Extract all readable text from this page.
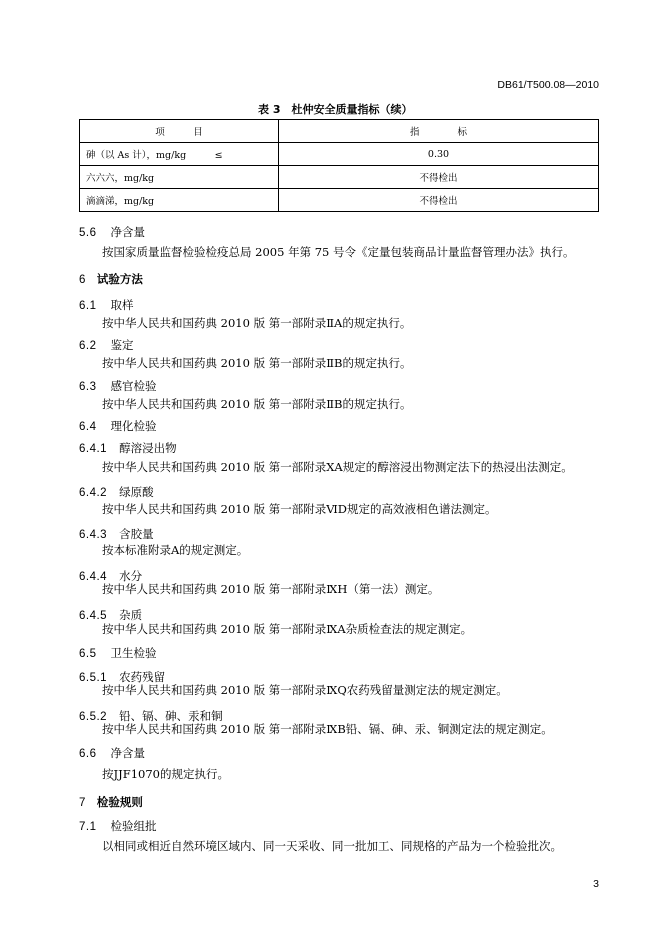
DB61/T500.08—2010
表 3　杜仲安全质量指标（续）
项　　　目	指　　　　标
砷（以 As 计），mg/kg　　　≤	0.30
六六六，mg/kg	不得检出
滴滴涕，mg/kg	不得检出
5.6 净含量
按国家质量监督检验检疫总局 2005 年第 75 号令《定量包装商品计量监督管理办法》执行。
6 试验方法
6.1 取样
按中华人民共和国药典 2010 版 第一部附录ⅡA的规定执行。
6.2 鉴定
按中华人民共和国药典 2010 版 第一部附录ⅡB的规定执行。
6.3 感官检验
按中华人民共和国药典 2010 版 第一部附录ⅡB的规定执行。
6.4 理化检验
6.4.1 醇溶浸出物
按中华人民共和国药典 2010 版 第一部附录ⅩA规定的醇溶浸出物测定法下的热浸出法测定。
6.4.2 绿原酸
按中华人民共和国药典 2010 版 第一部附录ⅥD规定的高效液相色谱法测定。
6.4.3 含胶量
按本标准附录A的规定测定。
6.4.4 水分
按中华人民共和国药典 2010 版 第一部附录ⅨH（第一法）测定。
6.4.5 杂质
按中华人民共和国药典 2010 版 第一部附录ⅨA杂质检查法的规定测定。
6.5 卫生检验
6.5.1 农药残留
按中华人民共和国药典 2010 版 第一部附录ⅨQ农药残留量测定法的规定测定。
6.5.2 铅、镉、砷、汞和铜
按中华人民共和国药典 2010 版 第一部附录ⅨB铅、镉、砷、汞、铜测定法的规定测定。
6.6 净含量
按JJF1070的规定执行。
7 检验规则
7.1 检验组批
以相同或相近自然环境区域内、同一天采收、同一批加工、同规格的产品为一个检验批次。
3
